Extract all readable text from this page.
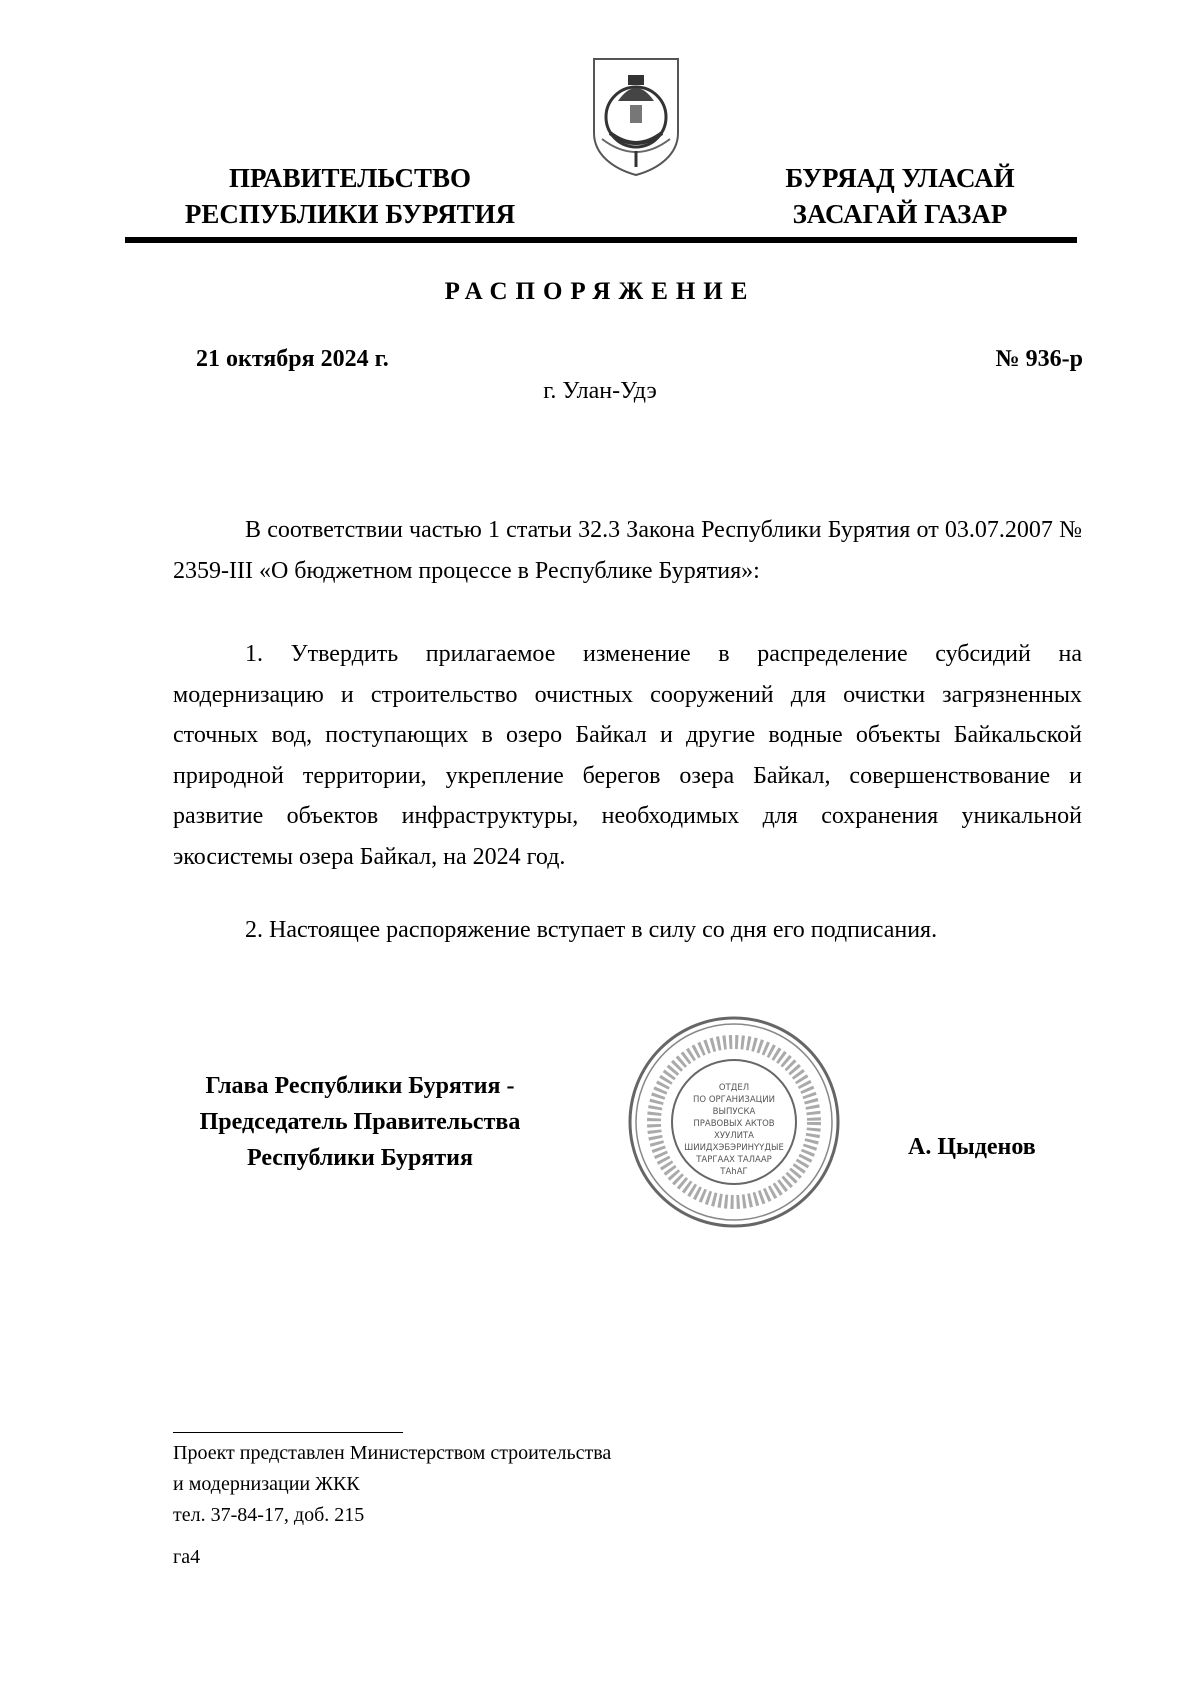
ПРАВИТЕЛЬСТВО
РЕСПУБЛИКИ БУРЯТИЯ
БУРЯАД УЛАСАЙ
ЗАСАГАЙ ГАЗАР
РАСПОРЯЖЕНИЕ
21 октября 2024 г.	№ 936-р
г. Улан-Удэ

В соответствии частью 1 статьи 32.3 Закона Республики Бурятия от 03.07.2007 № 2359-III «О бюджетном процессе в Республике Бурятия»:

1. Утвердить прилагаемое изменение в распределение субсидий на модернизацию и строительство очистных сооружений для очистки загрязненных сточных вод, поступающих в озеро Байкал и другие водные объекты Байкальской природной территории, укрепление берегов озера Байкал, совершенствование и развитие объектов инфраструктуры, необходимых для сохранения уникальной экосистемы озера Байкал, на 2024 год.

2. Настоящее распоряжение вступает в силу со дня его подписания.

Глава Республики Бурятия -
Председатель Правительства
Республики Бурятия
ОТДЕЛ
ПО ОРГАНИЗАЦИИ
ВЫПУСКА
ПРАВОВЫХ АКТОВ
ХУУЛИТА
ШИИДХЭБЭРИНҮҮДЫЕ
ТАРГААХ ТАЛААР
ТАһАГ
А. Цыденов
Проект представлен Министерством строительства
и модернизации ЖКК
тел. 37-84-17, доб. 215
га4
